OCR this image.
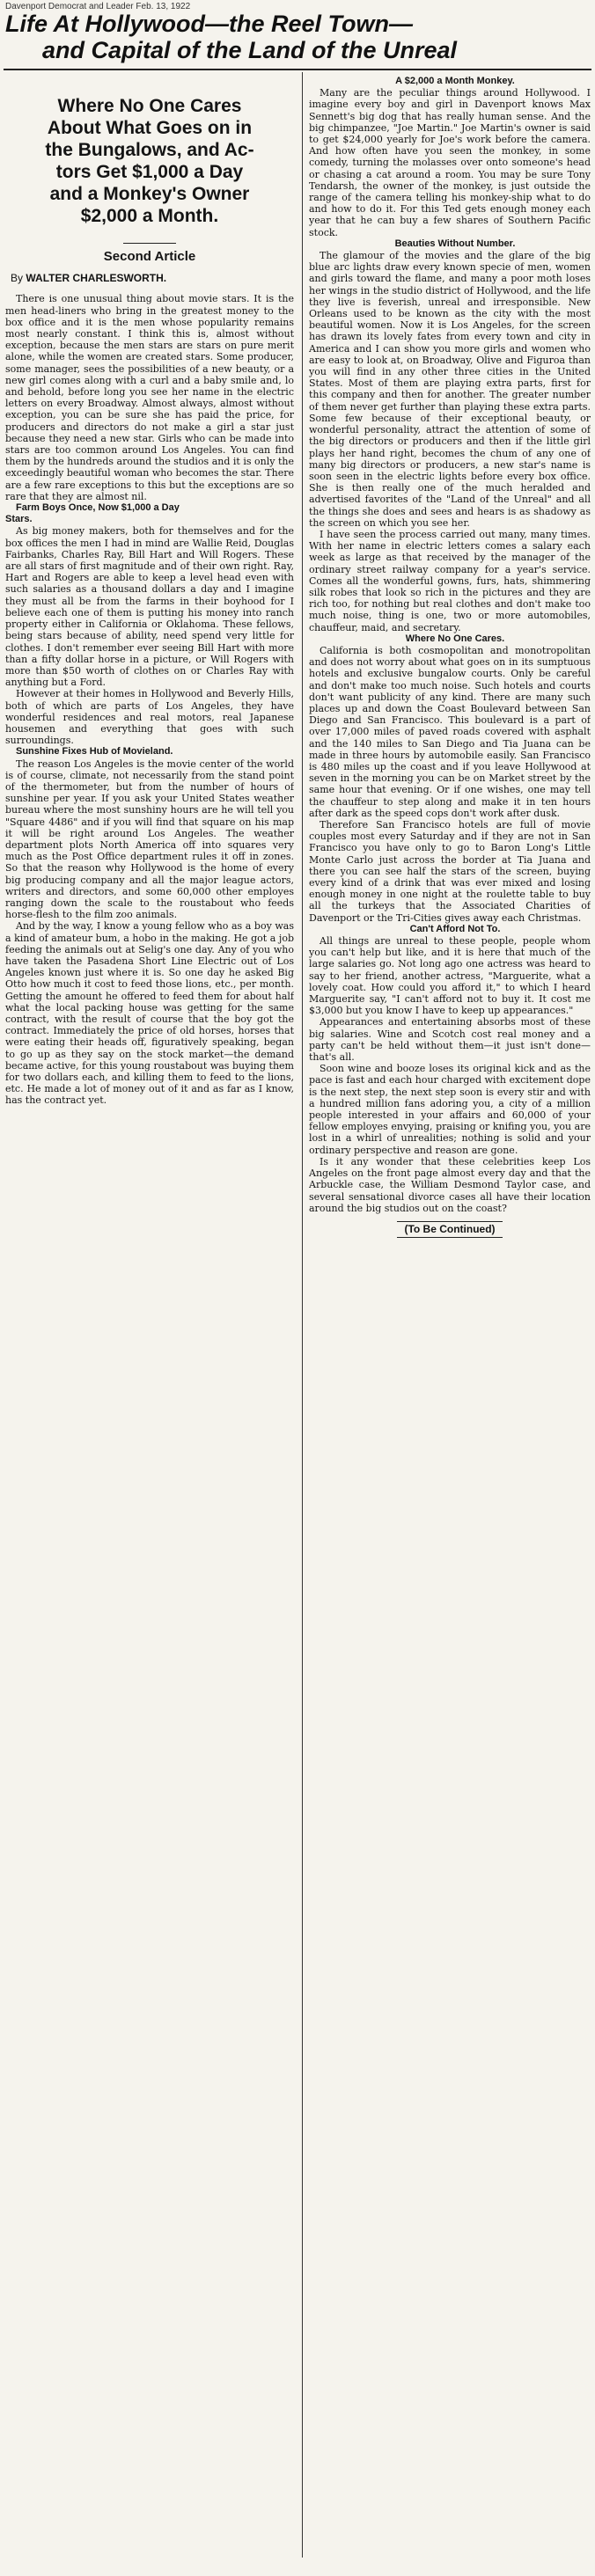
Davenport Democrat and Leader Feb. 13, 1922
Life At Hollywood—the Reel Town—
and Capital of the Land of the Unreal
Where No One Cares
About What Goes on in
the Bungalows, and Ac-
tors Get $1,000 a Day
and a Monkey's Owner
$2,000 a Month.
Second Article
By WALTER CHARLESWORTH.

There is one unusual thing about movie stars. It is the men head-liners who bring in the greatest money to the box office and it is the men whose popularity remains most nearly constant. I think this is, almost without exception, because the men stars are stars on pure merit alone, while the women are created stars. Some producer, some manager, sees the possibilities of a new beauty, or a new girl comes along with a curl and a baby smile and, lo and behold, before long you see her name in the electric letters on every Broadway. Almost always, almost without exception, you can be sure she has paid the price, for producers and directors do not make a girl a star just because they need a new star. Girls who can be made into stars are too common around Los Angeles. You can find them by the hundreds around the studios and it is only the exceedingly beautiful woman who becomes the star. There are a few rare exceptions to this but the exceptions are so rare that they are almost nil.

Farm Boys Once, Now $1,000 a Day
Stars.

As big money makers, both for themselves and for the box offices the men I had in mind are Wallie Reid, Douglas Fairbanks, Charles Ray, Bill Hart and Will Rogers. These are all stars of first magnitude and of their own right. Ray, Hart and Rogers are able to keep a level head even with such salaries as a thousand dollars a day and I imagine they must all be from the farms in their boyhood for I believe each one of them is putting his money into ranch property either in California or Oklahoma. These fellows, being stars because of ability, need spend very little for clothes. I don't remember ever seeing Bill Hart with more than a fifty dollar horse in a picture, or Will Rogers with more than $50 worth of clothes on or Charles Ray with anything but a Ford.

However at their homes in Hollywood and Beverly Hills, both of which are parts of Los Angeles, they have wonderful residences and real motors, real Japanese housemen and everything that goes with such surroundings.

Sunshine Fixes Hub of Movieland.

The reason Los Angeles is the movie center of the world is of course, climate, not necessarily from the stand point of the thermometer, but from the number of hours of sunshine per year. If you ask your United States weather bureau where the most sunshiny hours are he will tell you "Square 4486" and if you will find that square on his map it will be right around Los Angeles. The weather department plots North America off into squares very much as the Post Office department rules it off in zones. So that the reason why Hollywood is the home of every big producing company and all the major league actors, writers and directors, and some 60,000 other employes ranging down the scale to the roustabout who feeds horse-flesh to the film zoo animals.

And by the way, I know a young fellow who as a boy was a kind of amateur bum, a hobo in the making. He got a job feeding the animals out at Selig's one day. Any of you who have taken the Pasadena Short Line Electric out of Los Angeles known just where it is. So one day he asked Big Otto how much it cost to feed those lions, etc., per month. Getting the amount he offered to feed them for about half what the local packing house was getting for the same contract, with the result of course that the boy got the contract. Immediately the price of old horses, horses that were eating their heads off, figuratively speaking, began to go up as they say on the stock market—the demand became active, for this young roustabout was buying them for two dollars each, and killing them to feed to the lions, etc. He made a lot of money out of it and as far as I know, has the contract yet.

A $2,000 a Month Monkey.

Many are the peculiar things around Hollywood. I imagine every boy and girl in Davenport knows Max Sennett's big dog that has really human sense. And the big chimpanzee, "Joe Martin." Joe Martin's owner is said to get $24,000 yearly for Joe's work before the camera. And how often have you seen the monkey, in some comedy, turning the molasses over onto someone's head or chasing a cat around a room. You may be sure Tony Tendarsh, the owner of the monkey, is just outside the range of the camera telling his monkey-ship what to do and how to do it. For this Ted gets enough money each year that he can buy a few shares of Southern Pacific stock.

Beauties Without Number.

The glamour of the movies and the glare of the big blue arc lights draw every known specie of men, women and girls toward the flame, and many a poor moth loses her wings in the studio district of Hollywood, and the life they live is feverish, unreal and irresponsible. New Orleans used to be known as the city with the most beautiful women. Now it is Los Angeles, for the screen has drawn its lovely fates from every town and city in America and I can show you more girls and women who are easy to look at, on Broadway, Olive and Figuroa than you will find in any other three cities in the United States. Most of them are playing extra parts, first for this company and then for another. The greater number of them never get further than playing these extra parts. Some few because of their exceptional beauty, or wonderful personality, attract the attention of some of the big directors or producers and then if the little girl plays her hand right, becomes the chum of any one of many big directors or producers, a new star's name is soon seen in the electric lights before every box office. She is then really one of the much heralded and advertised favorites of the "Land of the Unreal" and all the things she does and sees and hears is as shadowy as the screen on which you see her.

I have seen the process carried out many, many times. With her name in electric letters comes a salary each week as large as that received by the manager of the ordinary street railway company for a year's service. Comes all the wonderful gowns, furs, hats, shimmering silk robes that look so rich in the pictures and they are rich too, for nothing but real clothes and don't make too much noise, thing is one, two or more automobiles, chauffeur, maid, and secretary.

Where No One Cares.

California is both cosmopolitan and monotropolitan and does not worry about what goes on in its sumptuous hotels and exclusive bungalow courts. Only be careful and don't make too much noise. Such hotels and courts don't want publicity of any kind. There are many such places up and down the Coast Boulevard between San Diego and San Francisco. This boulevard is a part of over 17,000 miles of paved roads covered with asphalt and the 140 miles to San Diego and Tia Juana can be made in three hours by automobile easily. San Francisco is 480 miles up the coast and if you leave Hollywood at seven in the morning you can be on Market street by the same hour that evening. Or if one wishes, one may tell the chauffeur to step along and make it in ten hours after dark as the speed cops don't work after dusk.

Therefore San Francisco hotels are full of movie couples most every Saturday and if they are not in San Francisco you have only to go to Baron Long's Little Monte Carlo just across the border at Tia Juana and there you can see half the stars of the screen, buying every kind of a drink that was ever mixed and losing enough money in one night at the roulette table to buy all the turkeys that the Associated Charities of Davenport or the Tri-Cities gives away each Christmas.

Can't Afford Not To.

All things are unreal to these people, people whom you can't help but like, and it is here that much of the large salaries go. Not long ago one actress was heard to say to her friend, another actress, "Marguerite, what a lovely coat. How could you afford it," to which I heard Marguerite say, "I can't afford not to buy it. It cost me $3,000 but you know I have to keep up appearances."

Appearances and entertaining absorbs most of these big salaries. Wine and Scotch cost real money and a party can't be held without them—it just isn't done—that's all.

Soon wine and booze loses its original kick and as the pace is fast and each hour charged with excitement dope is the next step, the next step soon is every stir and with a hundred million fans adoring you, a city of a million people interested in your affairs and 60,000 of your fellow employes envying, praising or knifing you, you are lost in a whirl of unrealities; nothing is solid and your ordinary perspective and reason are gone.

Is it any wonder that these celebrities keep Los Angeles on the front page almost every day and that the Arbuckle case, the William Desmond Taylor case, and several sensational divorce cases all have their location around the big studios out on the coast?

(To Be Continued)
